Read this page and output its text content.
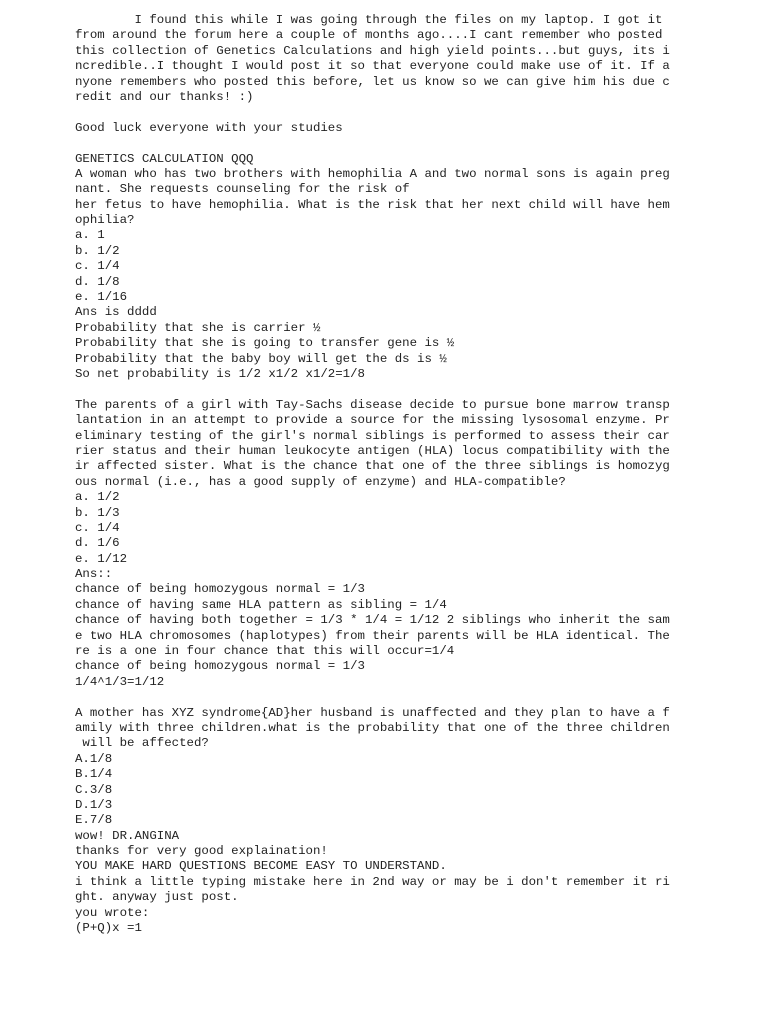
I found this while I was going through the files on my laptop. I got it
from around the forum here a couple of months ago....I cant remember who posted
this collection of Genetics Calculations and high yield points...but guys, its i
ncredible..I thought I would post it so that everyone could make use of it. If a
nyone remembers who posted this before, let us know so we can give him his due c
redit and our thanks! :)
Good luck everyone with your studies
GENETICS CALCULATION QQQ
A woman who has two brothers with hemophilia A and two normal sons is again preg
nant. She requests counseling for the risk of
her fetus to have hemophilia. What is the risk that her next child will have hem
ophilia?
a. 1
b. 1/2
c. 1/4
d. 1/8
e. 1/16
Ans is dddd
Probability that she is carrier ½
Probability that she is going to transfer gene is ½
Probability that the baby boy will get the ds is ½
So net probability is 1/2 x1/2 x1/2=1/8
The parents of a girl with Tay-Sachs disease decide to pursue bone marrow transp
lantation in an attempt to provide a source for the missing lysosomal enzyme. Pr
eliminary testing of the girl's normal siblings is performed to assess their car
rier status and their human leukocyte antigen (HLA) locus compatibility with the
ir affected sister. What is the chance that one of the three siblings is homozyg
ous normal (i.e., has a good supply of enzyme) and HLA-compatible?
a. 1/2
b. 1/3
c. 1/4
d. 1/6
e. 1/12
Ans::
chance of being homozygous normal = 1/3
chance of having same HLA pattern as sibling = 1/4
chance of having both together = 1/3 * 1/4 = 1/12 2 siblings who inherit the sam
e two HLA chromosomes (haplotypes) from their parents will be HLA identical. The
re is a one in four chance that this will occur=1/4
chance of being homozygous normal = 1/3
1/4^1/3=1/12
A mother has XYZ syndrome{AD}her husband is unaffected and they plan to have a f
amily with three children.what is the probability that one of the three children
will be affected?
A.1/8
B.1/4
C.3/8
D.1/3
E.7/8
wow! DR.ANGINA
thanks for very good explaination!
YOU MAKE HARD QUESTIONS BECOME EASY TO UNDERSTAND.
i think a little typing mistake here in 2nd way or may be i don't remember it ri
ght. anyway just post.
you wrote:
(P+Q)x =1
